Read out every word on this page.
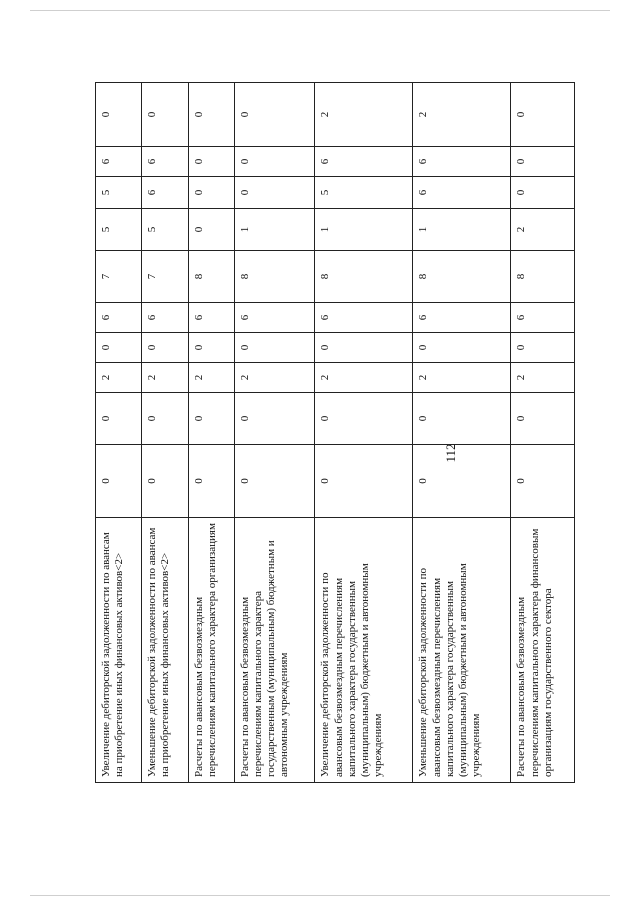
112
Увеличение дебиторской задолженности по авансам на приобретение иных финансовых активов<2>	0	0	2	0	6	7	5	5	6	0
Уменьшение дебиторской задолженности по авансам на приобретение иных финансовых активов<2>	0	0	2	0	6	7	5	6	6	0
Расчеты по авансовым безвозмездным перечислениям капитального характера организациям	0	0	2	0	6	8	0	0	0	0
Расчеты по авансовым безвозмездным перечислениям капитального характера государственным (муниципальным) бюджетным и автономным учреждениям	0	0	2	0	6	8	1	0	0	0
Увеличение дебиторской задолженности по авансовым безвозмездным перечислениям капитального характера государственным (муниципальным) бюджетным и автономным учреждениям	0	0	2	0	6	8	1	5	6	2
Уменьшение дебиторской задолженности по авансовым безвозмездным перечислениям капитального характера государственным (муниципальным) бюджетным и автономным учреждениям	0	0	2	0	6	8	1	6	6	2
Расчеты по авансовым безвозмездным перечислениям капитального характера финансовым организациям государственного сектора	0	0	2	0	6	8	2	0	0	0
